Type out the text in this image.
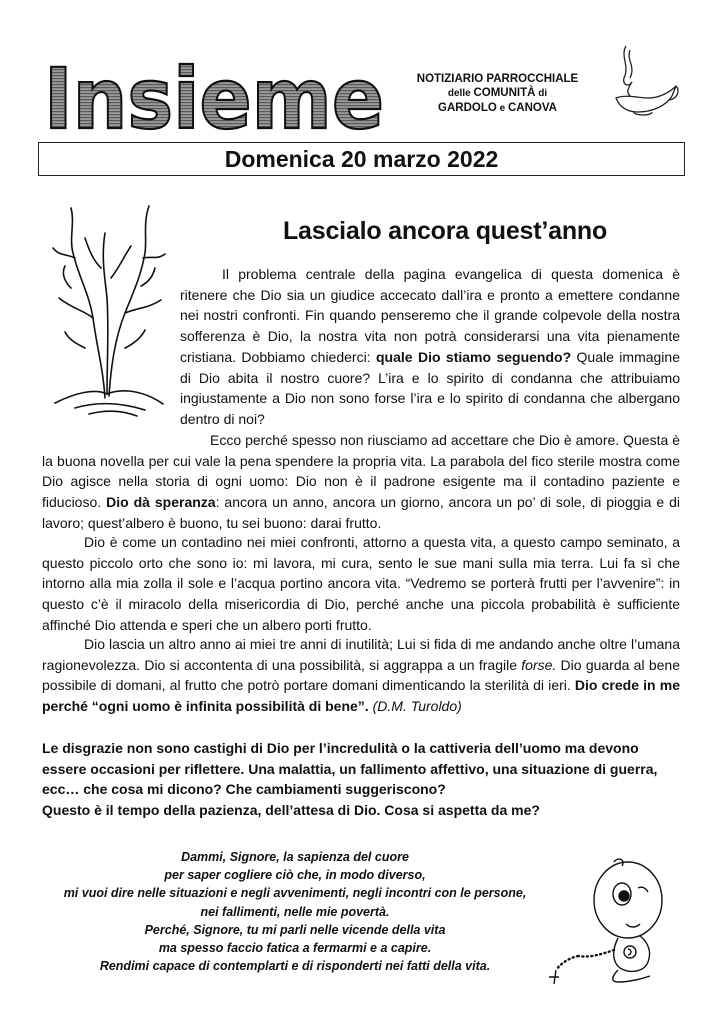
Insieme	NOTIZIARIO PARROCCHIALE
delle COMUNITÀ di
GARDOLO e CANOVA
Domenica 20 marzo 2022
Lascialo ancora quest’anno

Il problema centrale della pagina evangelica di questa domenica è ritenere che Dio sia un giudice accecato dall’ira e pronto a emettere condanne nei nostri confronti. Fin quando penseremo che il grande colpevole della nostra sofferenza è Dio, la nostra vita non potrà considerarsi una vita pienamente cristiana. Dobbiamo chiederci: quale Dio stiamo seguendo? Quale immagine di Dio abita il nostro cuore? L’ira e lo spirito di condanna che attribuiamo ingiustamente a Dio non sono forse l’ira e lo spirito di condanna che albergano dentro di noi?

Ecco perché spesso non riusciamo ad accettare che Dio è amore. Questa è la buona novella per cui vale la pena spendere la propria vita. La parabola del fico sterile mostra come Dio agisce nella storia di ogni uomo: Dio non è il padrone esigente ma il contadino paziente e fiducioso. Dio dà speranza: ancora un anno, ancora un giorno, ancora un po’ di sole, di pioggia e di lavoro; quest’albero è buono, tu sei buono: darai frutto.

Dio è come un contadino nei miei confronti, attorno a questa vita, a questo campo seminato, a questo piccolo orto che sono io: mi lavora, mi cura, sento le sue mani sulla mia terra. Lui fa sì che intorno alla mia zolla il sole e l’acqua portino ancora vita. “Vedremo se porterà frutti per l’avvenire”: in questo c’è il miracolo della misericordia di Dio, perché anche una piccola probabilità è sufficiente affinché Dio attenda e speri che un albero porti frutto.

Dio lascia un altro anno ai miei tre anni di inutilità; Lui si fida di me andando anche oltre l’umana ragionevolezza. Dio si accontenta di una possibilità, si aggrappa a un fragile forse. Dio guarda al bene possibile di domani, al frutto che potrò portare domani dimenticando la sterilità di ieri. Dio crede in me perché “ogni uomo è infinita possibilità di bene”. (D.M. Turoldo)

Le disgrazie non sono castighi di Dio per l’incredulità o la cattiveria dell’uomo ma devono essere occasioni per riflettere. Una malattia, un fallimento affettivo, una situazione di guerra, ecc… che cosa mi dicono? Che cambiamenti suggeriscono?
Questo è il tempo della pazienza, dell’attesa di Dio. Cosa si aspetta da me?
Dammi, Signore, la sapienza del cuore
per saper cogliere ciò che, in modo diverso,
mi vuoi dire nelle situazioni e negli avvenimenti, negli incontri con le persone,
nei fallimenti, nelle mie povertà.
Perché, Signore, tu mi parli nelle vicende della vita
ma spesso faccio fatica a fermarmi e a capire.
Rendimi capace di contemplarti e di risponderti nei fatti della vita.
